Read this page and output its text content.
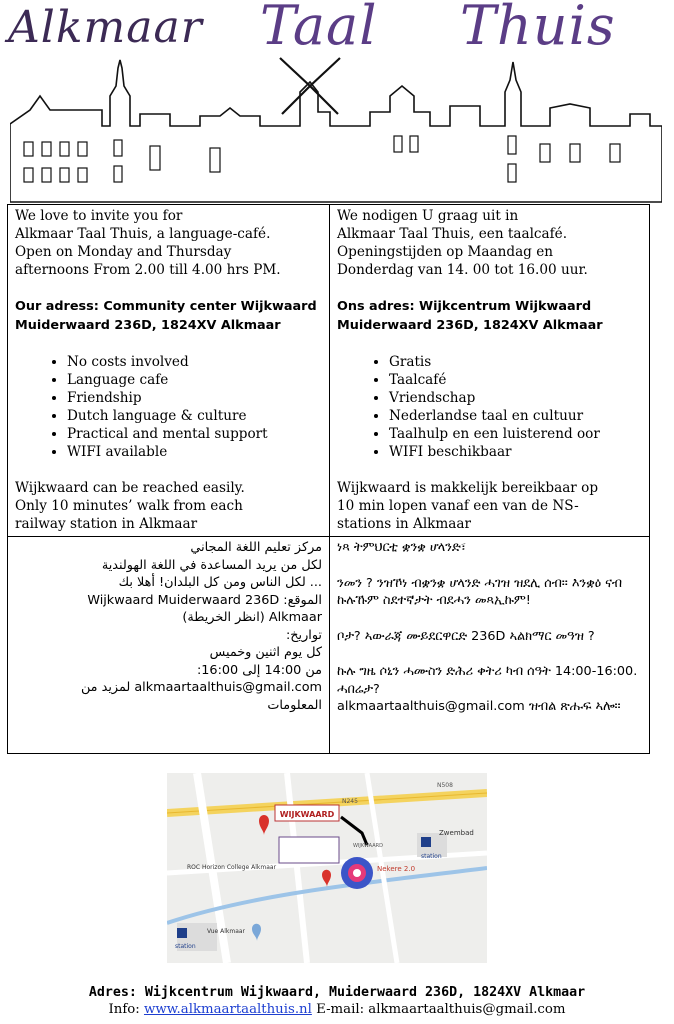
Alkmaar Taal Thuis

We love to invite you for

Alkmaar Taal Thuis, a language-café.

Open on Monday and Thursday

afternoons From 2.00 till 4.00 hrs PM.

Our adress: Community center Wijkwaard

Muiderwaard 236D, 1824XV Alkmaar

• No costs involved
• Language cafe
• Friendship
• Dutch language & culture
• Practical and mental support
• WIFI available

Wijkwaard can be reached easily.

Only 10 minutes’ walk from each

railway station in Alkmaar

We nodigen U graag uit in

Alkmaar Taal Thuis, een taalcafé.

Openingstijden op Maandag en

Donderdag van 14. 00 tot 16.00 uur.

Ons adres: Wijkcentrum Wijkwaard

Muiderwaard 236D, 1824XV Alkmaar

• Gratis
• Taalcafé
• Vriendschap
• Nederlandse taal en cultuur
• Taalhulp en een luisterend oor
• WIFI beschikbaar

Wijkwaard is makkelijk bereikbaar op

10 min lopen vanaf een van de NS-

stations in Alkmaar

مركز تعليم اللغة المجاني

لكل من يريد المساعدة في اللغة الهولندية

... لكل الناس ومن كل البلدان! أهلا بك

الموقع: Wijkwaard Muiderwaard 236D

Alkmaar (انظر الخريطة)

تواريخ:

كل يوم اثنين وخميس

من 14:00 إلى 16:00:

alkmaartaalthuis@gmail.com لمزيد من

المعلومات

ነጻ ትምህርቲ ቋንቋ ሆላንድ፣

ንመን ? ንዝኾነ ብቋንቋ ሆላንድ ሓገዝ ዝደሊ ሰብ። እንቋዕ ናብ ኩሉኹም ስደተኛታት ብደሓን መጻኢኩም!

ቦታ? ኣውራጃ ሙይደርዋርድ 236D ኣልክማር መዓዝ ?

ኩሉ ግዜ ሶኒን ሓሙስን ድሕሪ ቀትሪ ካብ ሰዓት 14:00-16:00. ሓበሬታ?

alkmaartaalthuis@gmail.com ዝብል ጽሑፍ ኣሎ።

WIJKWAARD
N245
N508
Zwembad
station
station
ROC Horizon College Alkmaar
Vue Alkmaar
Nekere 2.0
WIJKWAARD
Adres: Wijkcentrum Wijkwaard, Muiderwaard 236D, 1824XV Alkmaar
Info: www.alkmaartaalthuis.nl E-mail: alkmaartaalthuis@gmail.com
